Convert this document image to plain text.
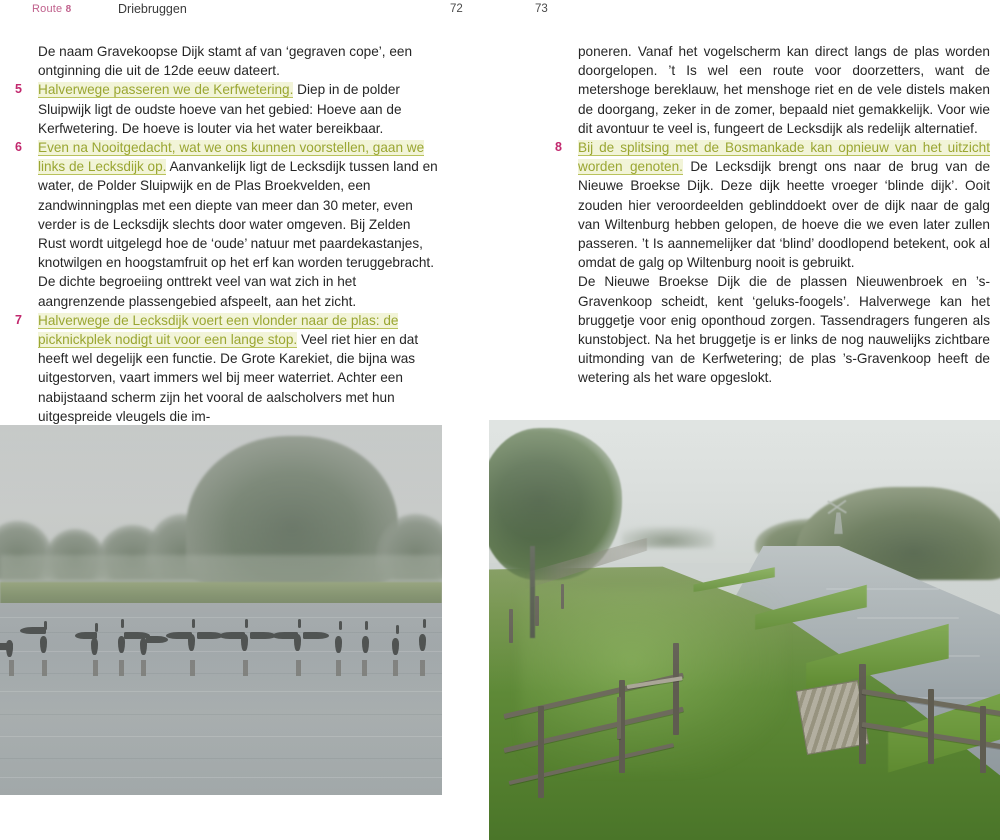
Route 8	Driebruggen	72	73

De naam Gravekoopse Dijk stamt af van ‘gegraven cope’, een ontginning die uit de 12de eeuw dateert.

5	Halverwege passeren we de Kerfwetering. Diep in de polder Sluipwijk ligt de oudste hoeve van het gebied: Hoeve aan de Kerfwetering. De hoeve is louter via het water bereikbaar.

6	Even na Nooitgedacht, wat we ons kunnen voorstellen, gaan we links de Lecksdijk op. Aanvankelijk ligt de Lecksdijk tussen land en water, de Polder Sluipwijk en de Plas Broekvelden, een zandwinningplas met een diepte van meer dan 30 meter, even verder is de Lecksdijk slechts door water omgeven. Bij Zelden Rust wordt uitgelegd hoe de ‘oude’ natuur met paardekastanjes, knotwilgen en hoogstamfruit op het erf kan worden teruggebracht. De dichte begroeiing onttrekt veel van wat zich in het aangrenzende plassengebied afspeelt, aan het zicht.

7	Halverwege de Lecksdijk voert een vlonder naar de plas: de picknickplek nodigt uit voor een lange stop. Veel riet hier en dat heeft wel degelijk een functie. De Grote Karekiet, die bijna was uitgestorven, vaart immers wel bij meer waterriet. Achter een nabijstaand scherm zijn het vooral de aalscholvers met hun uitgespreide vleugels die im-

poneren. Vanaf het vogelscherm kan direct langs de plas worden doorgelopen. ’t Is wel een route voor doorzetters, want de metershoge bereklauw, het menshoge riet en de vele distels maken de doorgang, zeker in de zomer, bepaald niet gemakkelijk. Voor wie dit avontuur te veel is, fungeert de Lecksdijk als redelijk alternatief.

8	Bij de splitsing met de Bosmankade kan opnieuw van het uitzicht worden genoten. De Lecksdijk brengt ons naar de brug van de Nieuwe Broekse Dijk. Deze dijk heette vroeger ‘blinde dijk’. Ooit zouden hier veroordeelden geblinddoekt over de dijk naar de galg van Wiltenburg hebben gelopen, de hoeve die we even later zullen passeren. ’t Is aannemelijker dat ‘blind’ doodlopend betekent, ook al omdat de galg op Wiltenburg nooit is gebruikt.

De Nieuwe Broekse Dijk die de plassen Nieuwenbroek en ’s-Gravenkoop scheidt, kent ‘geluks-foogels’. Halverwege kan het bruggetje voor enig oponthoud zorgen. Tassendragers fungeren als kunstobject. Na het bruggetje is er links de nog nauwelijks zichtbare uitmonding van de Kerfwetering; de plas ’s-Gravenkoop heeft de wetering als het ware opgeslokt.
